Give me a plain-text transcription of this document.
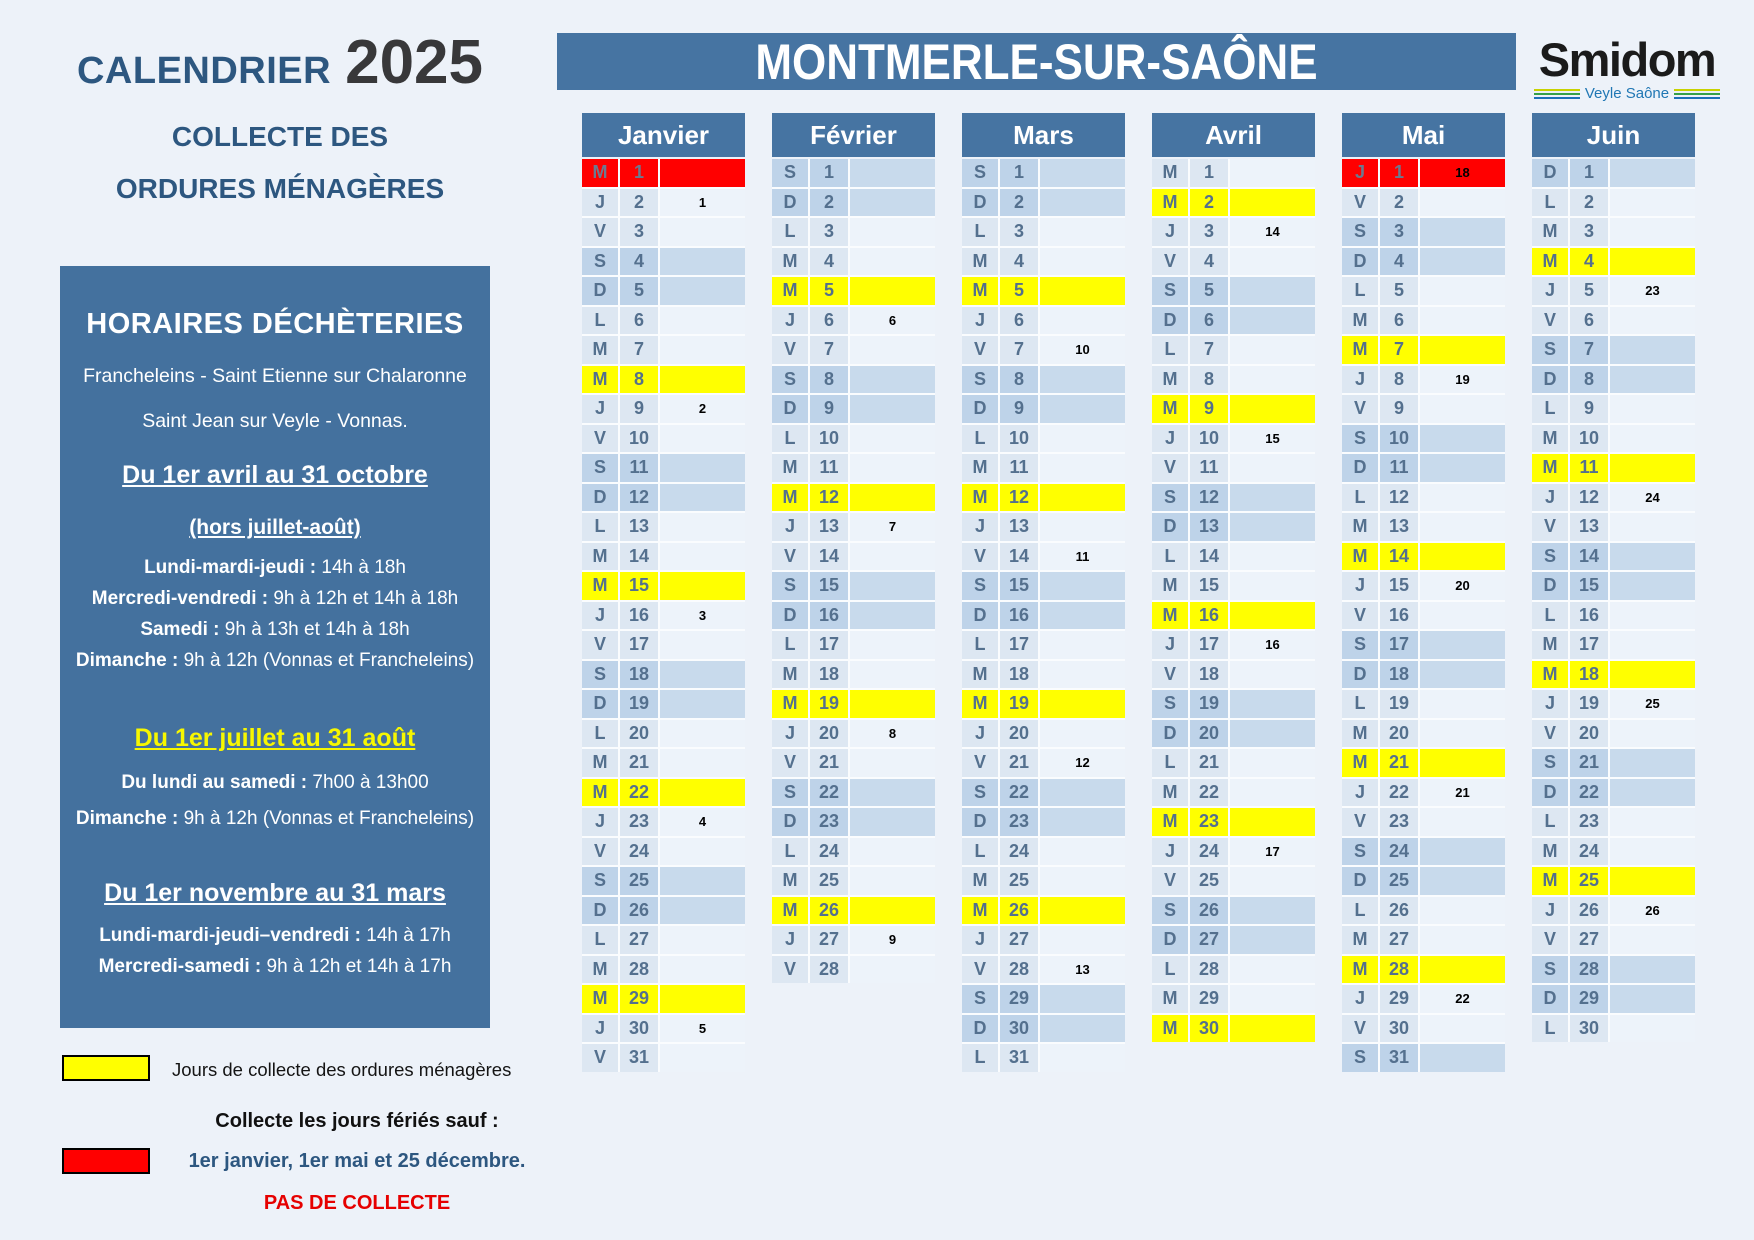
CALENDRIER 2025
COLLECTE DES
ORDURES MÉNAGÈRES
MONTMERLE-SUR-SAÔNE	Smidom
Veyle Saône
HORAIRES DÉCHÈTERIES
Francheleins - Saint Etienne sur Chalaronne
Saint Jean sur Veyle - Vonnas.
Du 1er avril au 31 octobre
(hors juillet-août)
Lundi-mardi-jeudi : 14h à 18h
Mercredi-vendredi : 9h à 12h et 14h à 18h
Samedi : 9h à 13h et 14h à 18h
Dimanche : 9h à 12h (Vonnas et Francheleins)
Du 1er juillet au 31 août
Du lundi au samedi : 7h00 à 13h00
Dimanche : 9h à 12h (Vonnas et Francheleins)
Du 1er novembre au 31 mars
Lundi-mardi-jeudi–vendredi : 14h à 17h
Mercredi-samedi : 9h à 12h et 14h à 17h
Jours de collecte des ordures ménagères
Collecte les jours fériés sauf :
1er janvier, 1er mai et 25 décembre.
PAS DE COLLECTE
Janvier
M	1
J	2	1
V	3
S	4
D	5
L	6
M	7
M	8
J	9	2
V	10
S	11
D	12
L	13
M	14
M	15
J	16	3
V	17
S	18
D	19
L	20
M	21
M	22
J	23	4
V	24
S	25
D	26
L	27
M	28
M	29
J	30	5
V	31
Février
S	1
D	2
L	3
M	4
M	5
J	6	6
V	7
S	8
D	9
L	10
M	11
M	12
J	13	7
V	14
S	15
D	16
L	17
M	18
M	19
J	20	8
V	21
S	22
D	23
L	24
M	25
M	26
J	27	9
V	28
Mars
S	1
D	2
L	3
M	4
M	5
J	6
V	7	10
S	8
D	9
L	10
M	11
M	12
J	13
V	14	11
S	15
D	16
L	17
M	18
M	19
J	20
V	21	12
S	22
D	23
L	24
M	25
M	26
J	27
V	28	13
S	29
D	30
L	31
Avril
M	1
M	2
J	3	14
V	4
S	5
D	6
L	7
M	8
M	9
J	10	15
V	11
S	12
D	13
L	14
M	15
M	16
J	17	16
V	18
S	19
D	20
L	21
M	22
M	23
J	24	17
V	25
S	26
D	27
L	28
M	29
M	30
Mai
J	1	18
V	2
S	3
D	4
L	5
M	6
M	7
J	8	19
V	9
S	10
D	11
L	12
M	13
M	14
J	15	20
V	16
S	17
D	18
L	19
M	20
M	21
J	22	21
V	23
S	24
D	25
L	26
M	27
M	28
J	29	22
V	30
S	31
Juin
D	1
L	2
M	3
M	4
J	5	23
V	6
S	7
D	8
L	9
M	10
M	11
J	12	24
V	13
S	14
D	15
L	16
M	17
M	18
J	19	25
V	20
S	21
D	22
L	23
M	24
M	25
J	26	26
V	27
S	28
D	29
L	30
